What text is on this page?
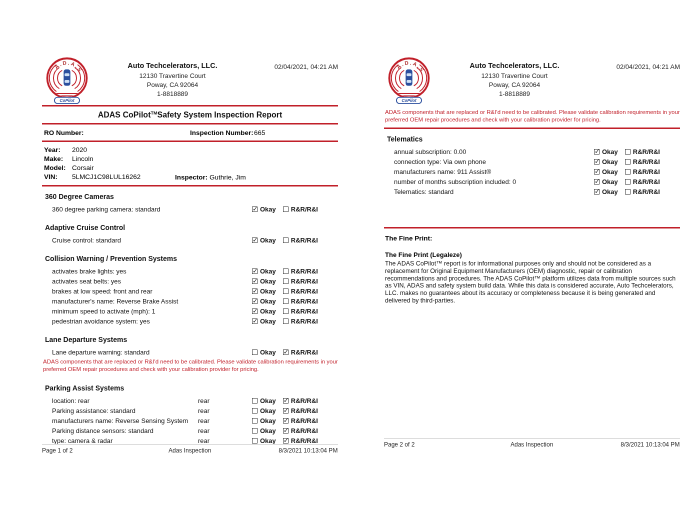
A.D.A.S
CoPilot
Auto Techcelerators, LLC.
12130 Travertine Court
Poway, CA 92064
1-8818889
02/04/2021, 04:21 AM
ADAS CoPilot™Safety System Inspection Report
RO Number:	Inspection Number: 665
Year: 2020
Make: Lincoln
Model: Corsair
VIN: 5LMCJ1C98LUL16262	Inspector: Guthrie, Jim
360 Degree Cameras
360 degree parking camera: standard ✓	Okay R&R/R&I
Adaptive Cruise Control
Cruise control: standard ✓	Okay R&R/R&I
Collision Warning / Prevention Systems
activates brake lights: yes ✓	Okay R&R/R&I
activates seat belts: yes ✓	Okay R&R/R&I
brakes at low speed: front and rear ✓	Okay R&R/R&I
manufacturer's name: Reverse Brake Assist ✓	Okay R&R/R&I
minimum speed to activate (mph): 1 ✓	Okay R&R/R&I
pedestrian avoidance system: yes ✓	Okay R&R/R&I
Lane Departure Systems
Lane departure warning: standard	Okay ✓ R&R/R&I
ADAS components that are replaced or R&I'd need to be calibrated. Please validate calibration requirements in your preferred OEM repair procedures and check with your calibration provider for pricing.
Parking Assist Systems
location: rear	rear	Okay ✓ R&R/R&I
Parking assistance: standard	rear	Okay ✓ R&R/R&I
manufacturers name: Reverse Sensing System rear	Okay ✓ R&R/R&I
Parking distance sensors: standard	rear	Okay ✓ R&R/R&I
type: camera & radar	rear	Okay ✓ R&R/R&I
Page 1 of 2	Adas Inspection	8/3/2021 10:13:04 PM
A.D.A.S
CoPilot
Auto Techcelerators, LLC.
12130 Travertine Court
Poway, CA 92064
1-8818889
02/04/2021, 04:21 AM
ADAS components that are replaced or R&I'd need to be calibrated. Please validate calibration requirements in your preferred OEM repair procedures and check with your calibration provider for pricing.
Telematics
annual subscription: 0.00 ✓	Okay R&R/R&I
connection type: Via own phone ✓	Okay R&R/R&I
manufacturers name: 911 Assist® ✓	Okay R&R/R&I
number of months subscription included: 0 ✓	Okay R&R/R&I
Telematics: standard ✓	Okay R&R/R&I
The Fine Print:
The Fine Print (Legaleze)
The ADAS CoPilot™ report is for informational purposes only and should not be considered as a replacement for Original Equipment Manufacturers (OEM) diagnostic, repair or calibration recommendations and procedures. The ADAS CoPilot™ platform utilizes data from multiple sources such as VIN, ADAS and safety system build data. While this data is considered accurate, Auto Techcelerators, LLC. makes no guarantees about its accuracy or completeness because it is being generated and delivered by third-parties.
Page 2 of 2	Adas Inspection	8/3/2021 10:13:04 PM
